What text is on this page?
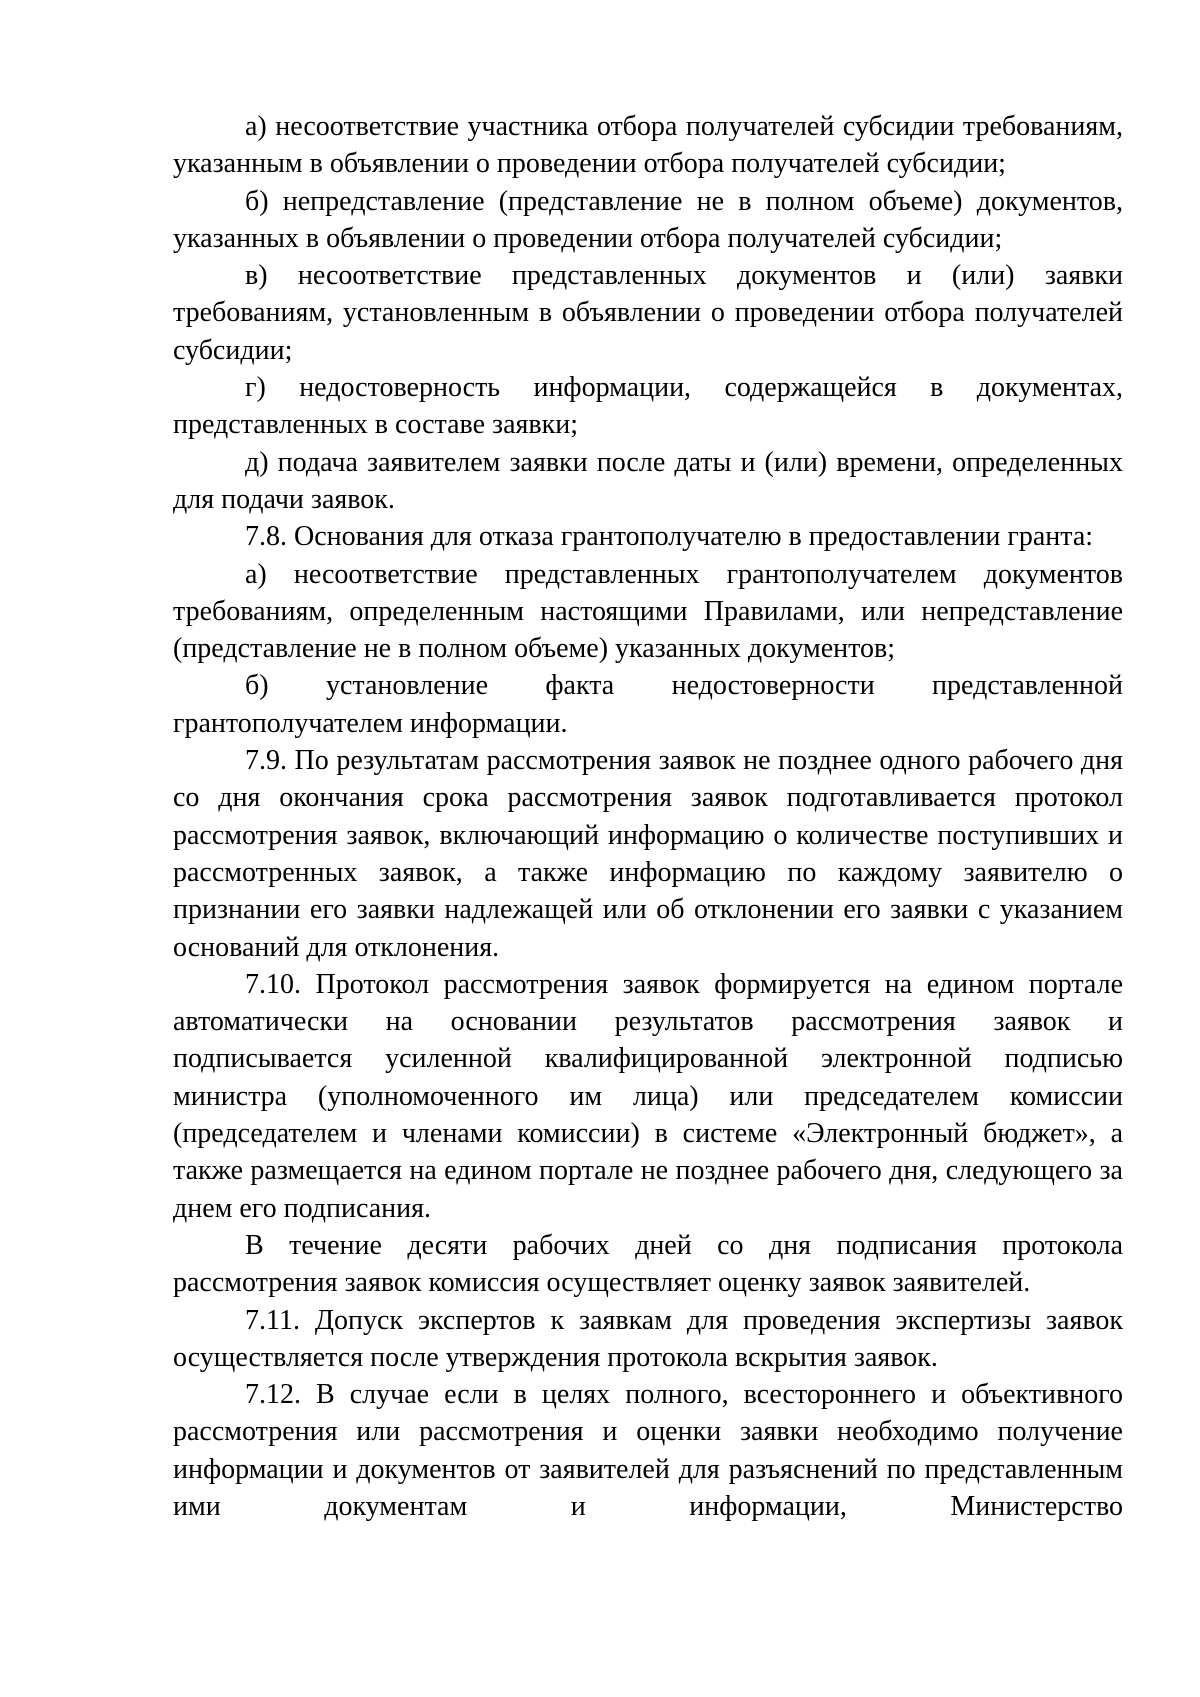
а) несоответствие участника отбора получателей субсидии требованиям, указанным в объявлении о проведении отбора получателей субсидии;

б) непредставление (представление не в полном объеме) документов, указанных в объявлении о проведении отбора получателей субсидии;

в) несоответствие представленных документов и (или) заявки требованиям, установленным в объявлении о проведении отбора получателей субсидии;

г) недостоверность информации, содержащейся в документах, представленных в составе заявки;

д) подача заявителем заявки после даты и (или) времени, определенных для подачи заявок.

7.8. Основания для отказа грантополучателю в предоставлении гранта:

а) несоответствие представленных грантополучателем документов требованиям, определенным настоящими Правилами, или непредставление (представление не в полном объеме) указанных документов;

б) установление факта недостоверности представленной грантополучателем информации.

7.9. По результатам рассмотрения заявок не позднее одного рабочего дня со дня окончания срока рассмотрения заявок подготавливается протокол рассмотрения заявок, включающий информацию о количестве поступивших и рассмотренных заявок, а также информацию по каждому заявителю о признании его заявки надлежащей или об отклонении его заявки с указанием оснований для отклонения.

7.10. Протокол рассмотрения заявок формируется на едином портале автоматически на основании результатов рассмотрения заявок и подписывается усиленной квалифицированной электронной подписью министра (уполномоченного им лица) или председателем комиссии (председателем и членами комиссии) в системе «Электронный бюджет», а также размещается на едином портале не позднее рабочего дня, следующего за днем его подписания.

В течение десяти рабочих дней со дня подписания протокола рассмотрения заявок комиссия осуществляет оценку заявок заявителей.

7.11. Допуск экспертов к заявкам для проведения экспертизы заявок осуществляется после утверждения протокола вскрытия заявок.

7.12. В случае если в целях полного, всестороннего и объективного рассмотрения или рассмотрения и оценки заявки необходимо получение информации и документов от заявителей для разъяснений по представленным ими документам и информации, Министерство
